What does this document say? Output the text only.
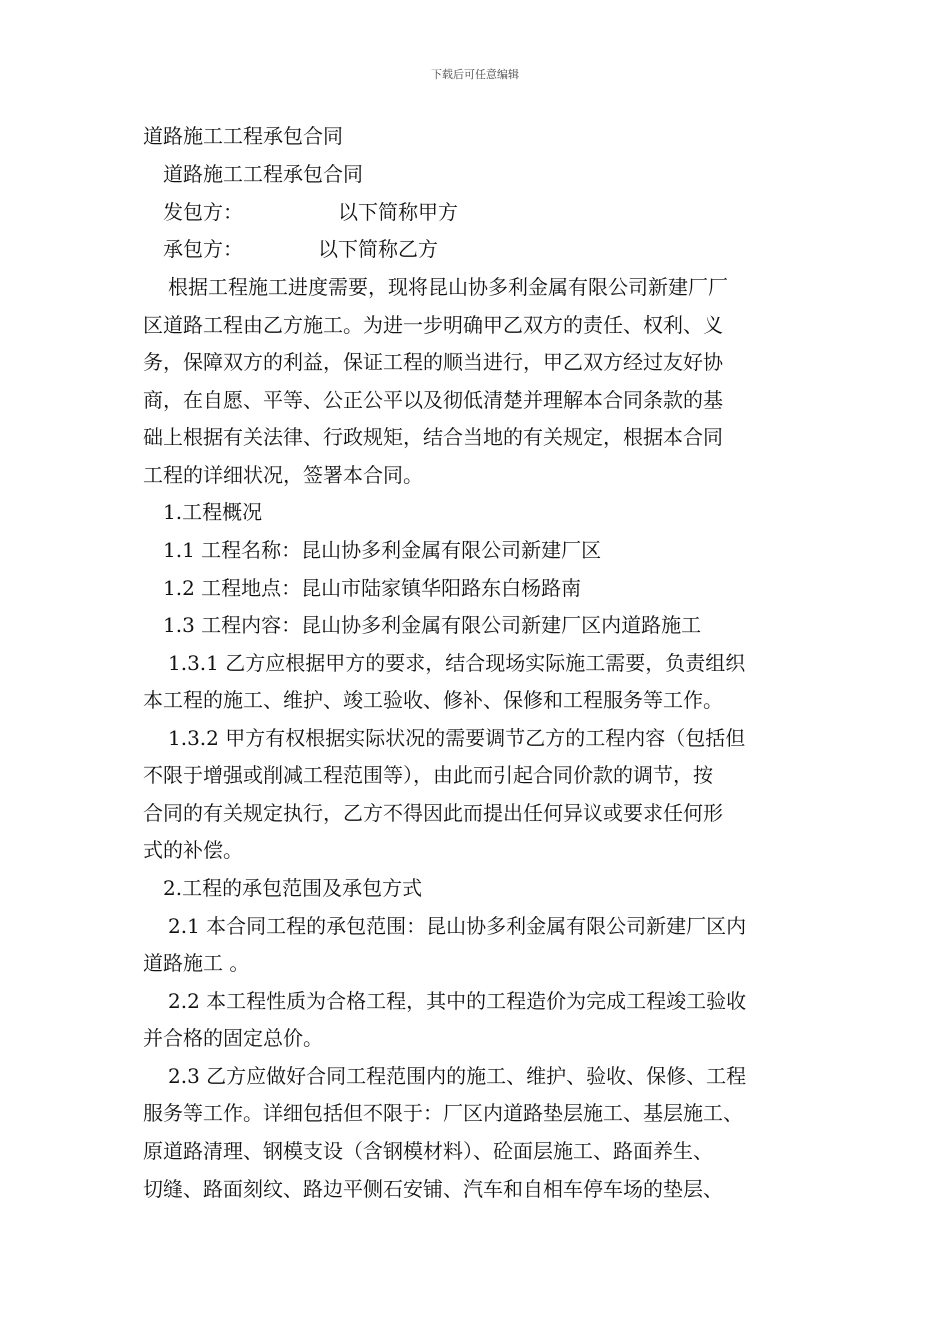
下载后可任意编辑
道路施工工程承包合同
道路施工工程承包合同
发包方：	以下简称甲方
承包方：	以下简称乙方
根据工程施工进度需要，现将昆山协多利金属有限公司新建厂厂
区道路工程由乙方施工。为进一步明确甲乙双方的责任、权利、义
务，保障双方的利益，保证工程的顺当进行，甲乙双方经过友好协
商，在自愿、平等、公正公平以及彻低清楚并理解本合同条款的基
础上根据有关法律、行政规矩，结合当地的有关规定，根据本合同
工程的详细状况，签署本合同。
1.工程概况
1.1 工程名称：昆山协多利金属有限公司新建厂区
1.2 工程地点：昆山市陆家镇华阳路东白杨路南
1.3 工程内容：昆山协多利金属有限公司新建厂区内道路施工
1.3.1 乙方应根据甲方的要求，结合现场实际施工需要，负责组织
本工程的施工、维护、竣工验收、修补、保修和工程服务等工作。
1.3.2 甲方有权根据实际状况的需要调节乙方的工程内容（包括但
不限于增强或削减工程范围等），由此而引起合同价款的调节，按
合同的有关规定执行，乙方不得因此而提出任何异议或要求任何形
式的补偿。
2.工程的承包范围及承包方式
2.1 本合同工程的承包范围：昆山协多利金属有限公司新建厂区内
道路施工 。
2.2 本工程性质为合格工程，其中的工程造价为完成工程竣工验收
并合格的固定总价。
2.3 乙方应做好合同工程范围内的施工、维护、验收、保修、工程
服务等工作。详细包括但不限于：厂区内道路垫层施工、基层施工、
原道路清理、钢模支设（含钢模材料）、砼面层施工、路面养生、
切缝、路面刻纹、路边平侧石安铺、汽车和自相车停车场的垫层、
